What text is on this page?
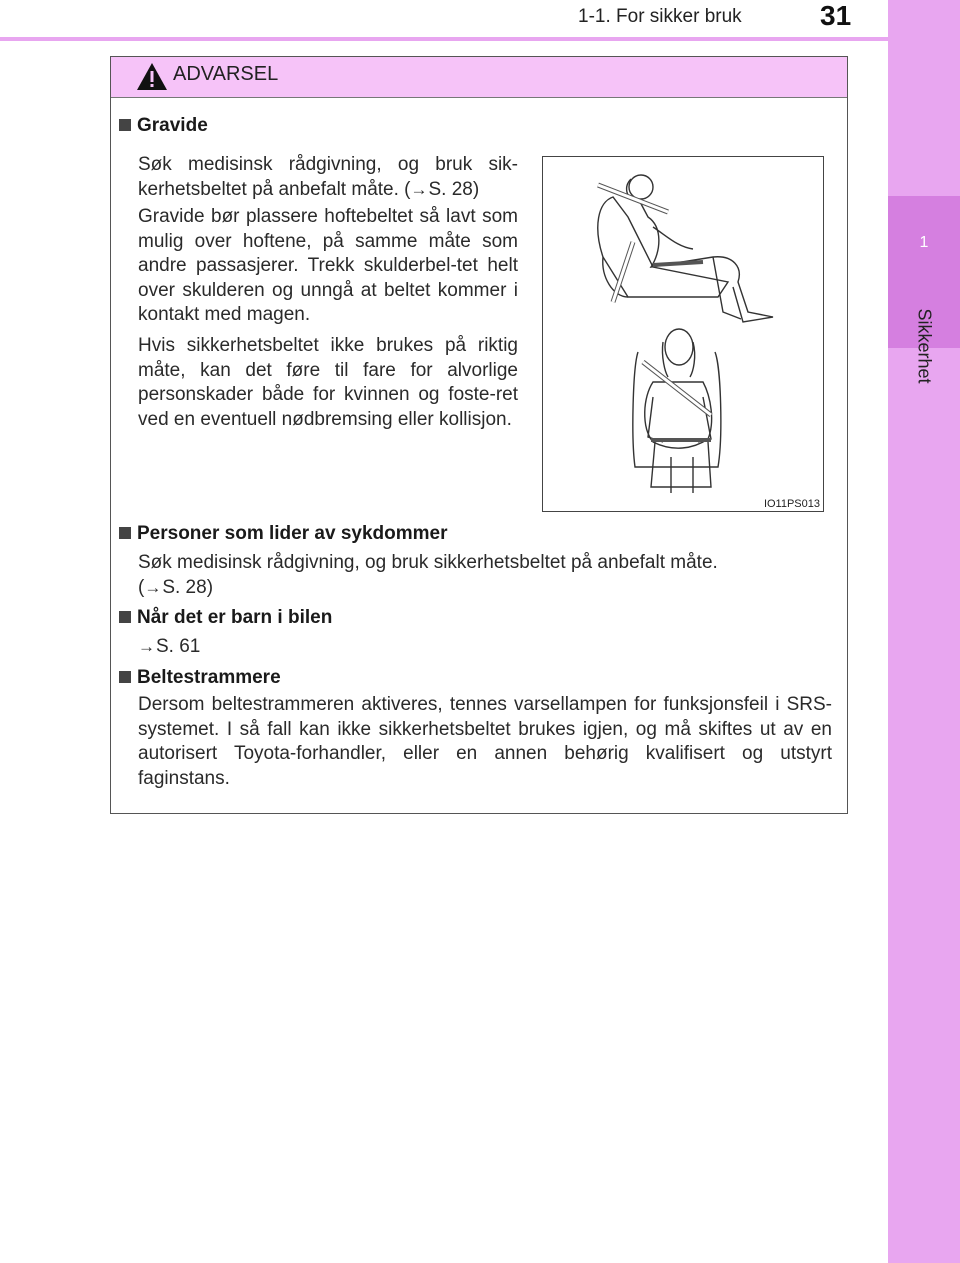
1-1. For sikker bruk	31
1
Sikkerhet
ADVARSEL
Gravide
Søk medisinsk rådgivning, og bruk sik-kerhetsbeltet på anbefalt måte. (→S. 28)
Gravide bør plassere hoftebeltet så lavt som mulig over hoftene, på samme måte som andre passasjerer. Trekk skulderbel-tet helt over skulderen og unngå at beltet kommer i kontakt med magen.
Hvis sikkerhetsbeltet ikke brukes på riktig måte, kan det føre til fare for alvorlige personskader både for kvinnen og foste-ret ved en eventuell nødbremsing eller kollisjon.
IO11PS013
Personer som lider av sykdommer
Søk medisinsk rådgivning, og bruk sikkerhetsbeltet på anbefalt måte.
(→S. 28)
Når det er barn i bilen
→S. 61
Beltestrammere
Dersom beltestrammeren aktiveres, tennes varsellampen for funksjonsfeil i SRS-systemet. I så fall kan ikke sikkerhetsbeltet brukes igjen, og må skiftes ut av en autorisert Toyota-forhandler, eller en annen behørig kvalifisert og utstyrt faginstans.
